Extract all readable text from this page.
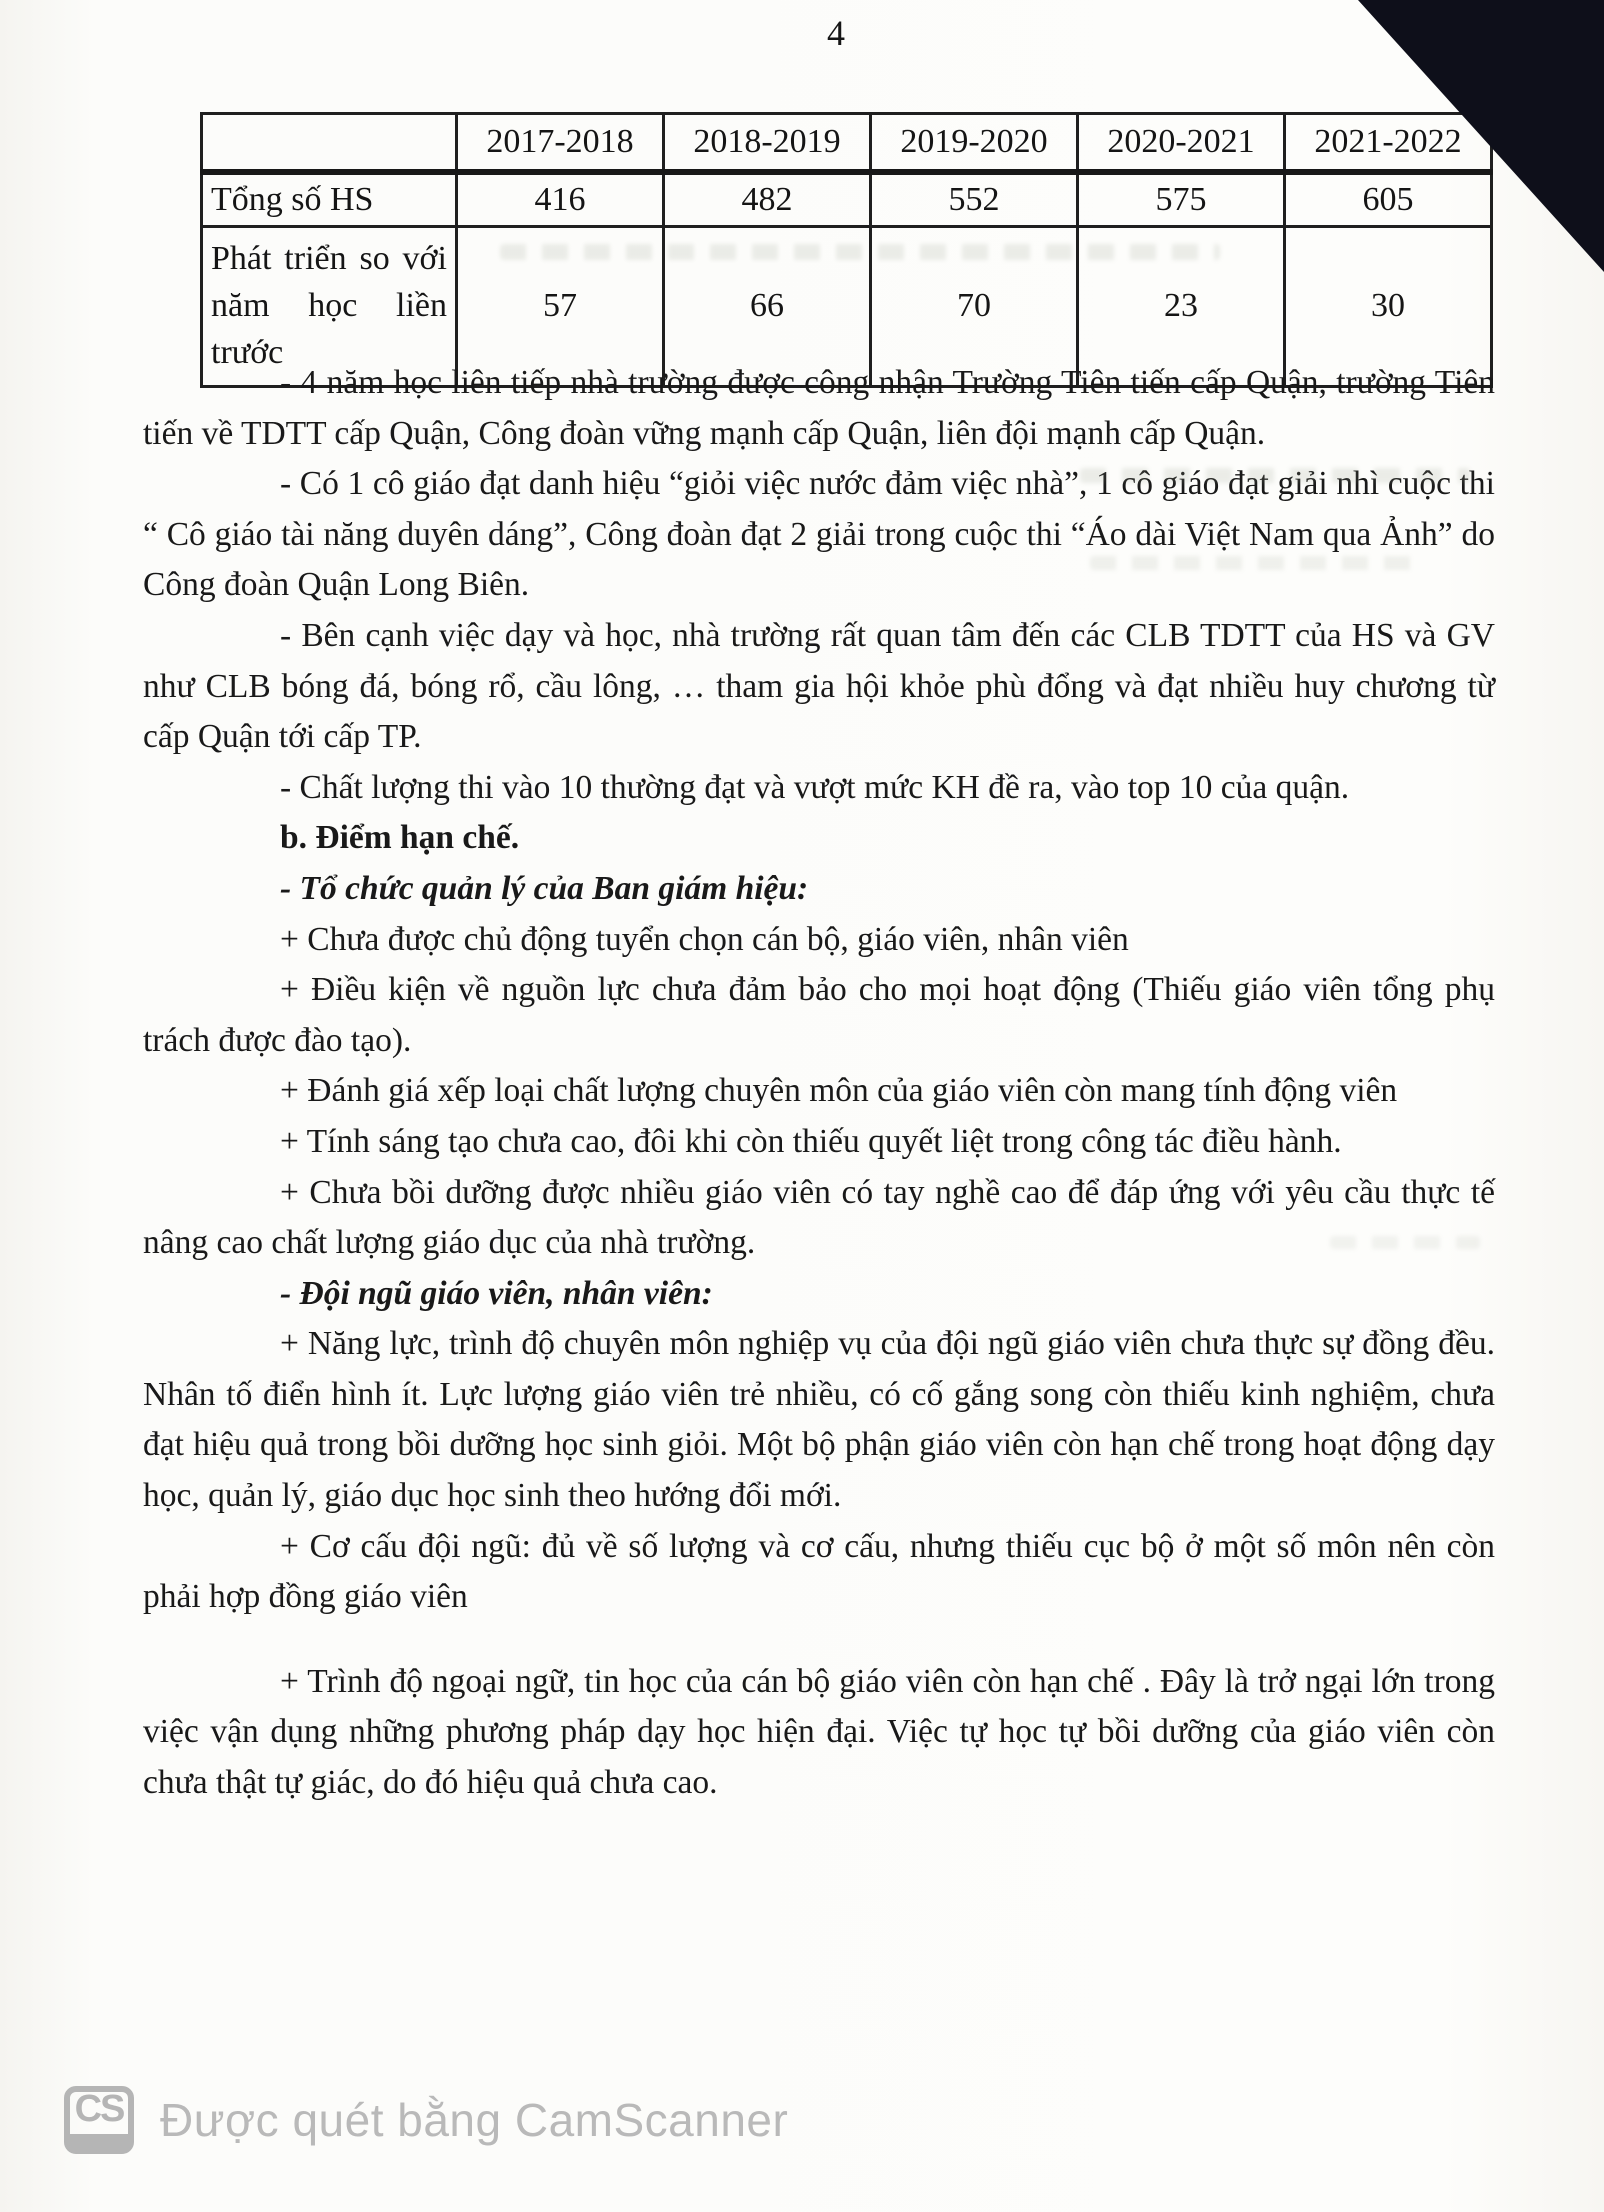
4
	2017-2018	2018-2019	2019-2020	2020-2021	2021-2022
Tổng số HS	416	482	552	575	605
Phát triển so với năm học liền trước	57	66	70	23	30

- 4 năm học liên tiếp nhà trường được công nhận Trường Tiên tiến cấp Quận, trường Tiên tiến về TDTT cấp Quận, Công đoàn vững mạnh cấp Quận, liên đội mạnh cấp Quận.

- Có 1 cô giáo đạt danh hiệu “giỏi việc nước đảm việc nhà”, 1 cô giáo đạt giải nhì cuộc thi “ Cô giáo tài năng duyên dáng”, Công đoàn đạt 2 giải trong cuộc thi “Áo dài Việt Nam qua Ảnh” do Công đoàn Quận Long Biên.

- Bên cạnh việc dạy và học, nhà trường rất quan tâm đến các CLB TDTT của HS và GV như CLB bóng đá, bóng rổ, cầu lông, … tham gia hội khỏe phù đổng và đạt nhiều huy chương từ cấp Quận tới cấp TP.

- Chất lượng thi vào 10 thường đạt và vượt mức KH đề ra, vào top 10 của quận.

b. Điểm hạn chế.

- Tổ chức quản lý của Ban giám hiệu:

+ Chưa được chủ động tuyển chọn cán bộ, giáo viên, nhân viên

+ Điều kiện về nguồn lực chưa đảm bảo cho mọi hoạt động (Thiếu giáo viên tổng phụ trách được đào tạo).

+ Đánh giá xếp loại chất lượng chuyên môn của giáo viên còn mang tính động viên

+ Tính sáng tạo chưa cao, đôi khi còn thiếu quyết liệt trong công tác điều hành.

+ Chưa bồi dưỡng được nhiều giáo viên có tay nghề cao để đáp ứng với yêu cầu thực tế nâng cao chất lượng giáo dục của nhà trường.

- Đội ngũ giáo viên, nhân viên:

+ Năng lực, trình độ chuyên môn nghiệp vụ của đội ngũ giáo viên chưa thực sự đồng đều. Nhân tố điển hình ít. Lực lượng giáo viên trẻ nhiều, có cố gắng song còn thiếu kinh nghiệm, chưa đạt hiệu quả trong bồi dưỡng học sinh giỏi. Một bộ phận giáo viên còn hạn chế trong hoạt động dạy học, quản lý, giáo dục học sinh theo hướng đổi mới.

+ Cơ cấu đội ngũ: đủ về số lượng và cơ cấu, nhưng thiếu cục bộ ở một số môn nên còn phải hợp đồng giáo viên

+ Trình độ ngoại ngữ, tin học của cán bộ giáo viên còn hạn chế . Đây là trở ngại lớn trong việc vận dụng những phương pháp dạy học hiện đại. Việc tự học tự bồi dưỡng của giáo viên còn chưa thật tự giác, do đó hiệu quả chưa cao.

CS Được quét bằng CamScanner
